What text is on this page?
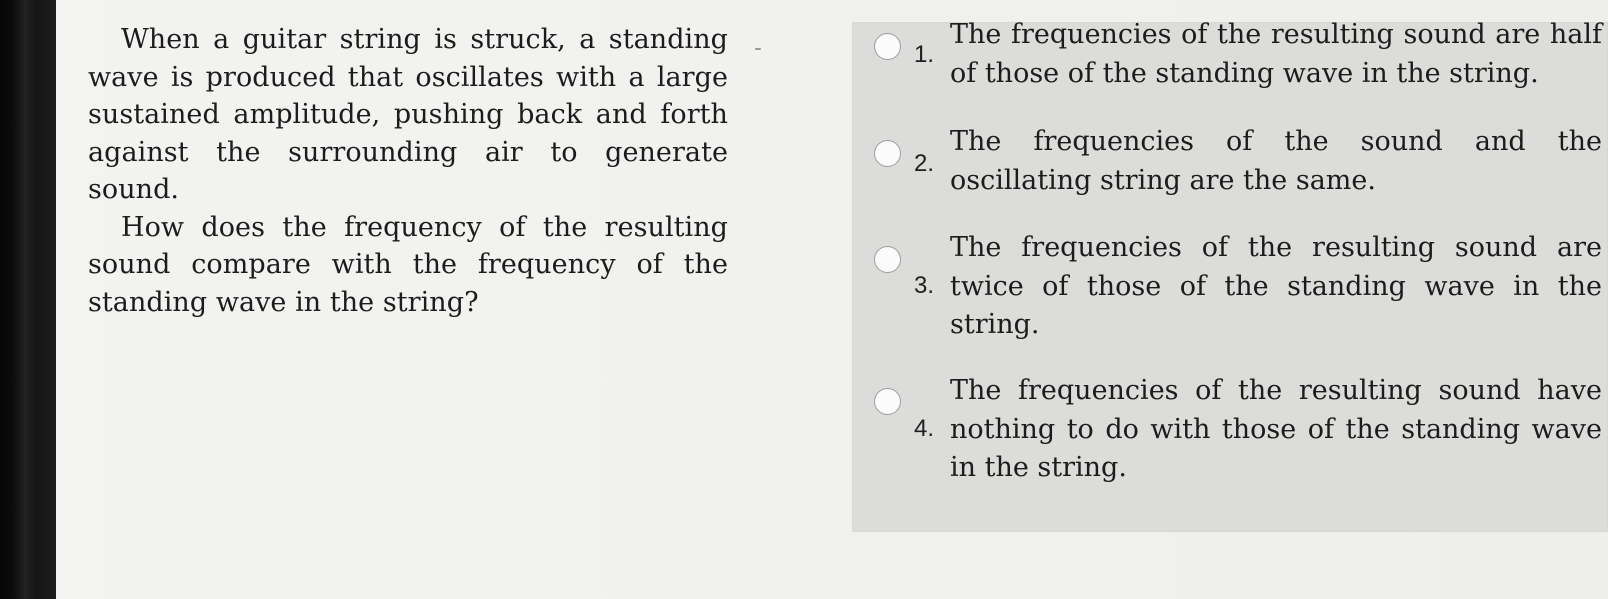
When a guitar string is struck, a standing wave is produced that oscillates with a large sustained amplitude, pushing back and forth against the surrounding air to generate sound.

How does the frequency of the resulting sound compare with the frequency of the standing wave in the string?

1.
The frequencies of the resulting sound are half of those of the standing wave in the string.
2.
The frequencies of the sound and the oscillating string are the same.
3.
The frequencies of the resulting sound are twice of those of the standing wave in the string.
4.
The frequencies of the resulting sound have nothing to do with those of the standing wave in the string.
